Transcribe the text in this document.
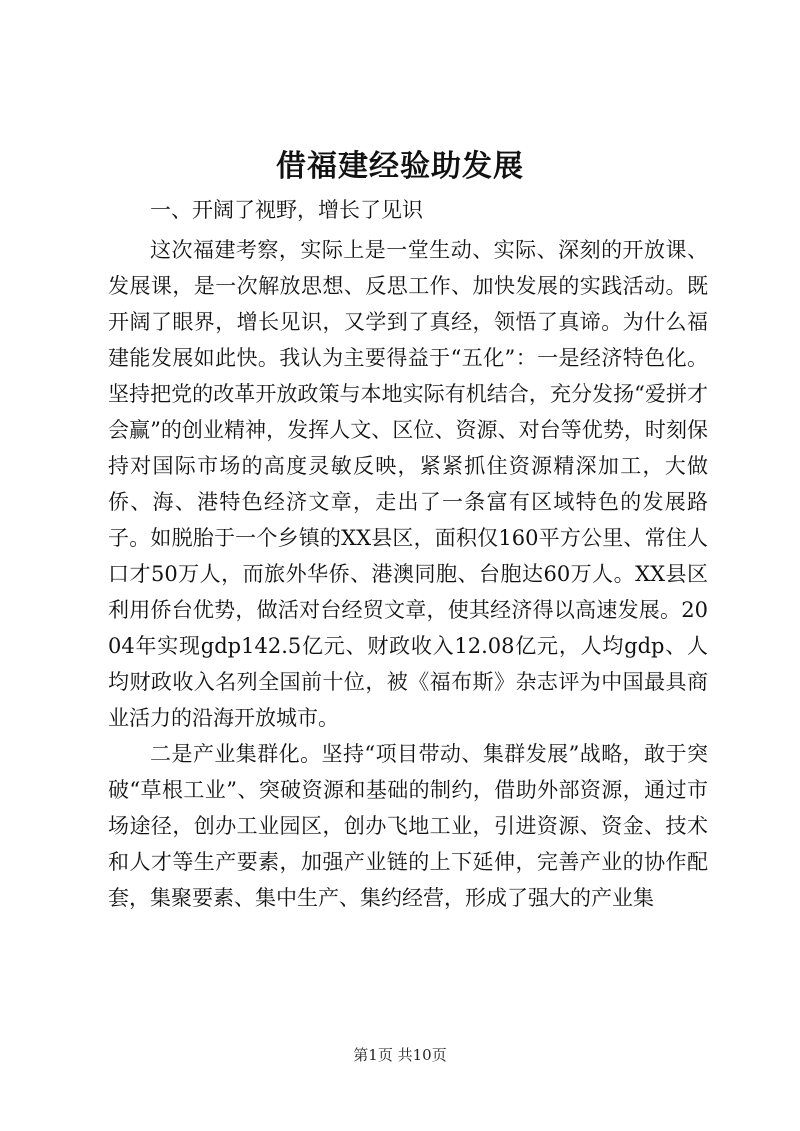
借福建经验助发展

一、开阔了视野，增长了见识

这次福建考察，实际上是一堂生动、实际、深刻的开放课、发展课，是一次解放思想、反思工作、加快发展的实践活动。既开阔了眼界，增长见识，又学到了真经，领悟了真谛。为什么福建能发展如此快。我认为主要得益于“五化”：一是经济特色化。坚持把党的改革开放政策与本地实际有机结合，充分发扬“爱拼才会赢”的创业精神，发挥人文、区位、资源、对台等优势，时刻保持对国际市场的高度灵敏反映，紧紧抓住资源精深加工，大做侨、海、港特色经济文章，走出了一条富有区域特色的发展路子。如脱胎于一个乡镇的XX县区，面积仅160平方公里、常住人口才50万人，而旅外华侨、港澳同胞、台胞达60万人。XX县区利用侨台优势，做活对台经贸文章，使其经济得以高速发展。2004年实现gdp142.5亿元、财政收入12.08亿元，人均gdp、人均财政收入名列全国前十位，被《福布斯》杂志评为中国最具商业活力的沿海开放城市。

二是产业集群化。坚持“项目带动、集群发展”战略，敢于突破“草根工业”、突破资源和基础的制约，借助外部资源，通过市场途径，创办工业园区，创办飞地工业，引进资源、资金、技术和人才等生产要素，加强产业链的上下延伸，完善产业的协作配套，集聚要素、集中生产、集约经营，形成了强大的产业集

第1页 共10页
